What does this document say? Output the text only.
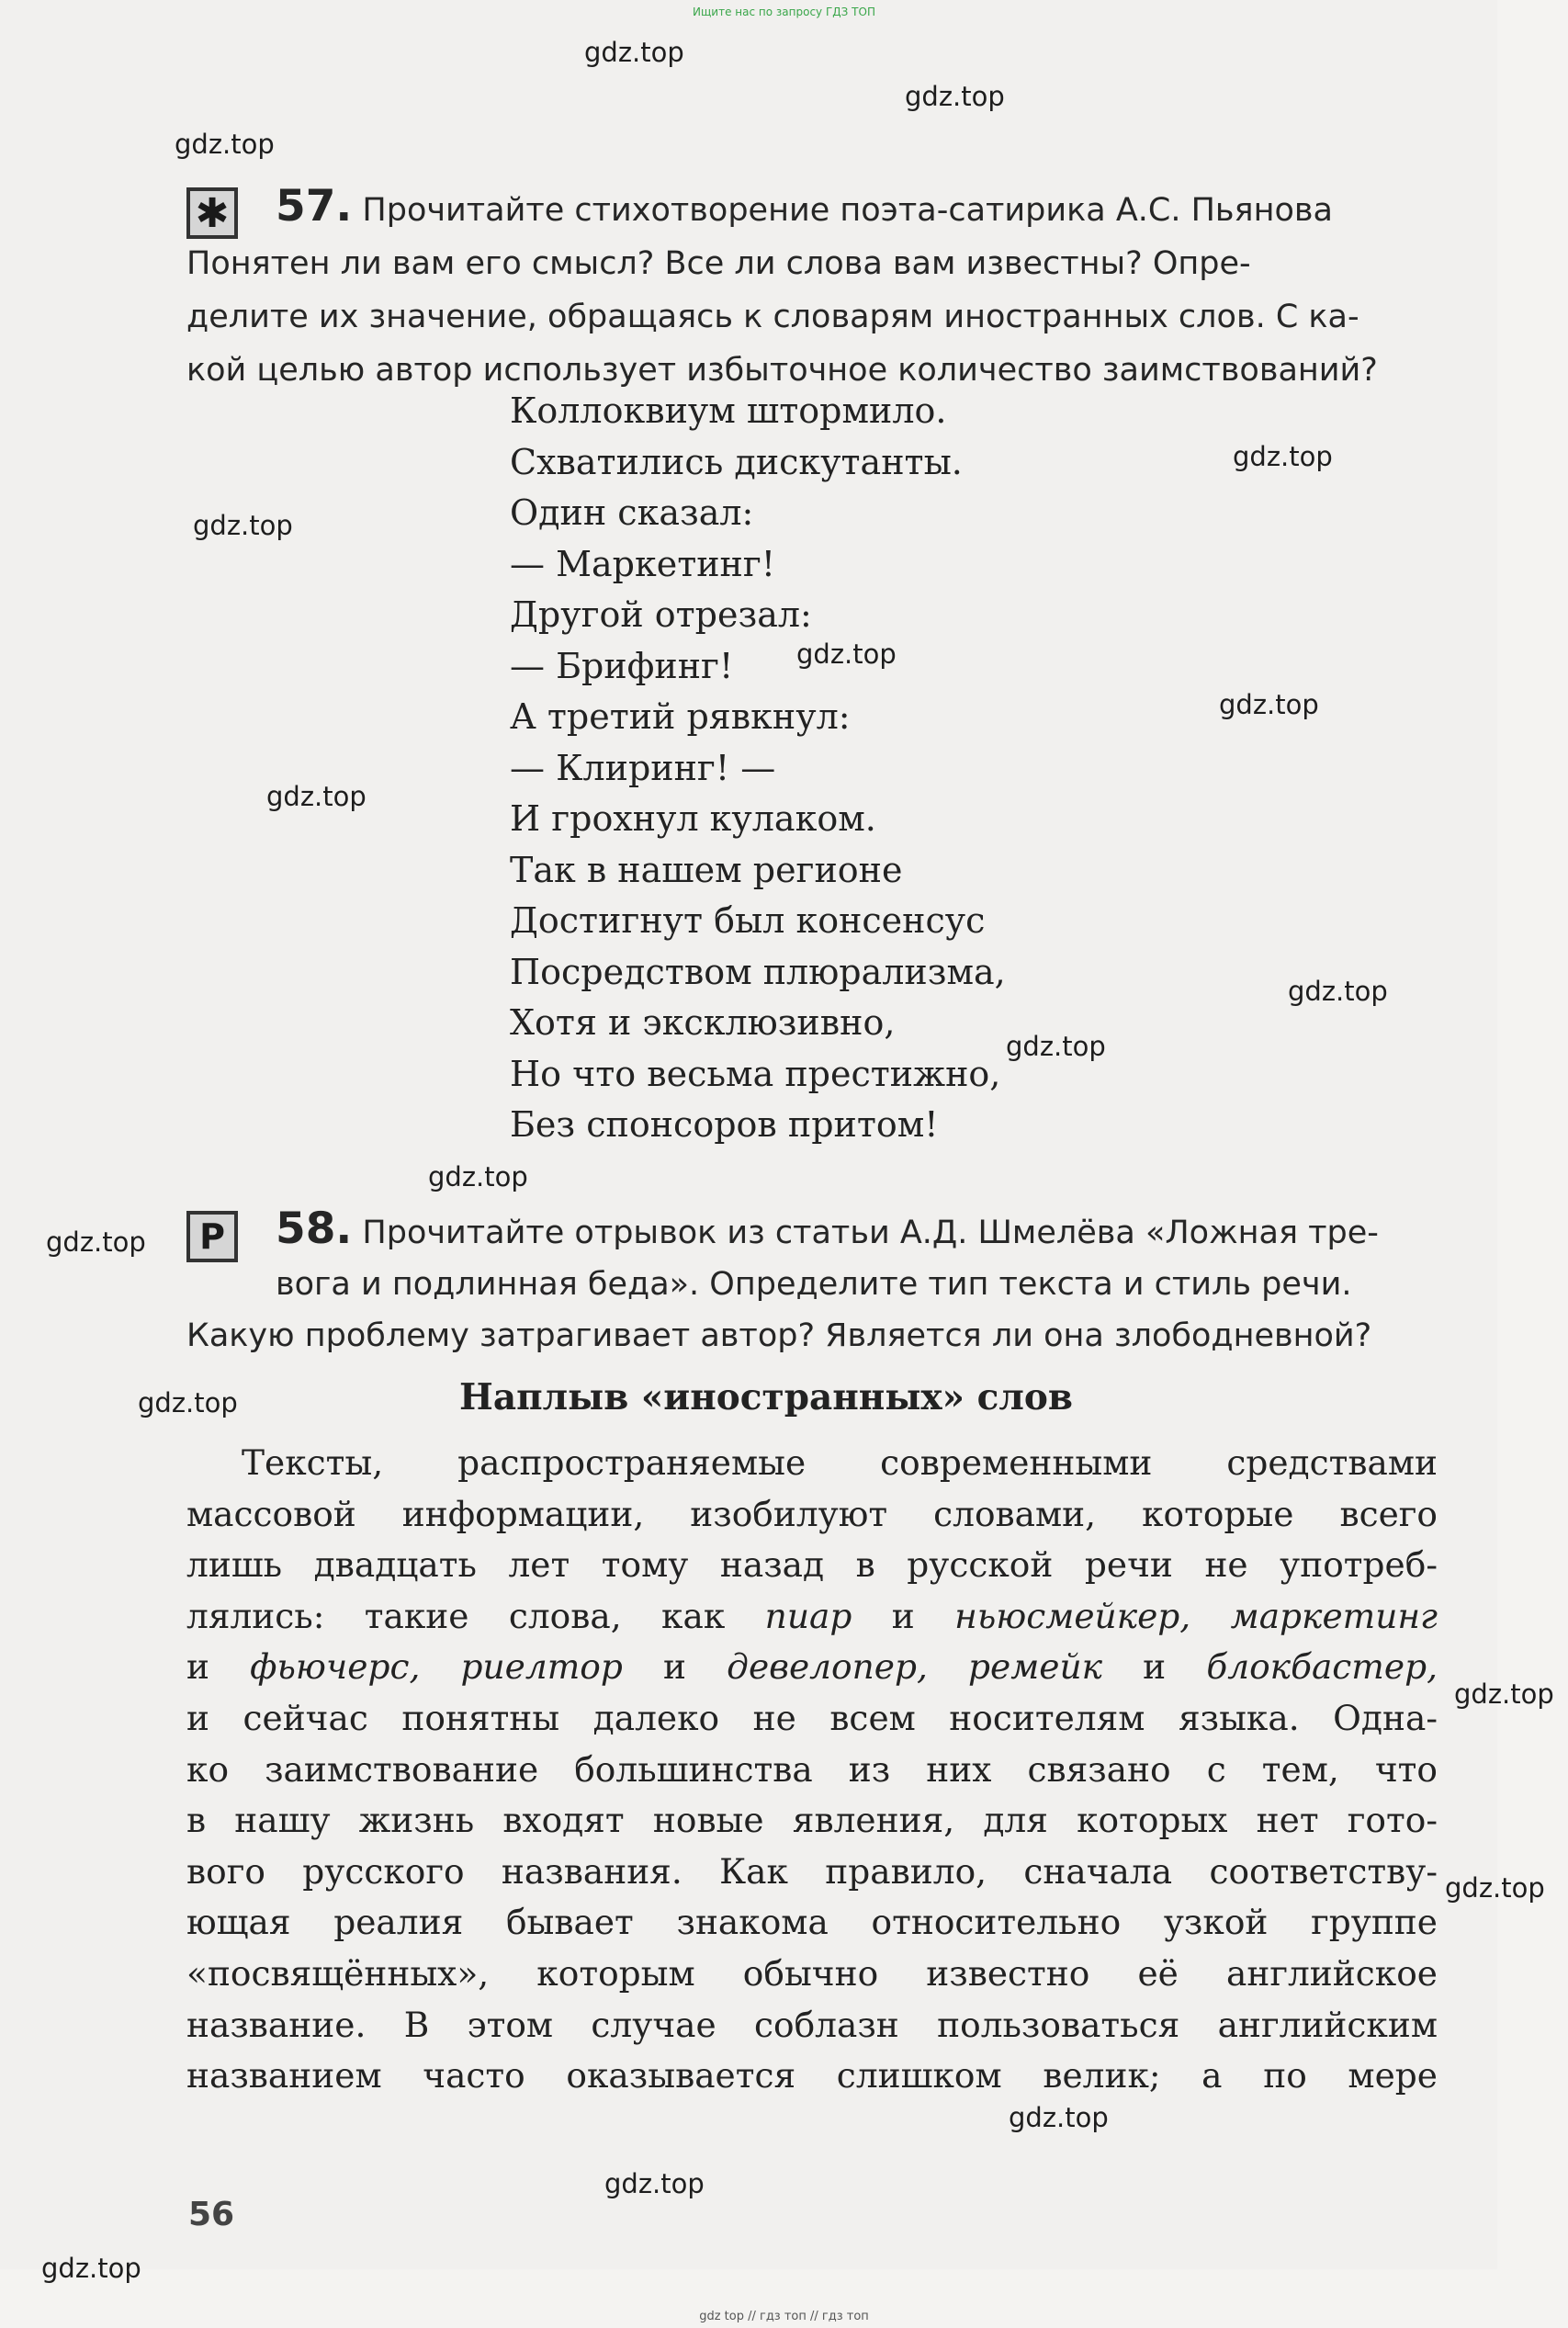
Ищите нас по запросу ГДЗ ТОП
gdz.top
gdz.top
gdz.top
gdz.top
gdz.top
gdz.top
gdz.top
gdz.top
gdz.top
gdz.top
gdz.top
gdz.top
gdz.top
gdz.top
gdz.top
gdz.top
gdz.top
gdz.top
✱	57. Прочитайте стихотворение поэта-сатирика А.С. Пьянова
Понятен ли вам его смысл? Все ли слова вам известны? Опре-
делите их значение, обращаясь к словарям иностранных слов. С ка-
кой целью автор использует избыточное количество заимствований?
Коллоквиум штормило.
Схватились дискутанты.
Один сказал:
— Маркетинг!
Другой отрезал:
— Брифинг!
А третий рявкнул:
— Клиринг! —
И грохнул кулаком.
Так в нашем регионе
Достигнут был консенсус
Посредством плюрализма,
Хотя и эксклюзивно,
Но что весьма престижно,
Без спонсоров притом!
Р	58. Прочитайте отрывок из статьи А.Д. Шмелёва «Ложная тре-
вога и подлинная беда». Определите тип текста и стиль речи.
Какую проблему затрагивает автор? Является ли она злободневной?
Наплыв «иностранных» слов
Тексты, распространяемые современными средствами
массовой информации, изобилуют словами, которые всего
лишь двадцать лет тому назад в русской речи не употреб-
лялись: такие слова, как пиар и ньюсмейкер, маркетинг
и фьючерс, риелтор и девелопер, ремейк и блокбастер,
и сейчас понятны далеко не всем носителям языка. Одна-
ко заимствование большинства из них связано с тем, что
в нашу жизнь входят новые явления, для которых нет гото-
вого русского названия. Как правило, сначала соответству-
ющая реалия бывает знакома относительно узкой группе
«посвящённых», которым обычно известно её английское
название. В этом случае соблазн пользоваться английским
названием часто оказывается слишком велик; а по мере
56
gdz top // гдз топ // гдз топ
